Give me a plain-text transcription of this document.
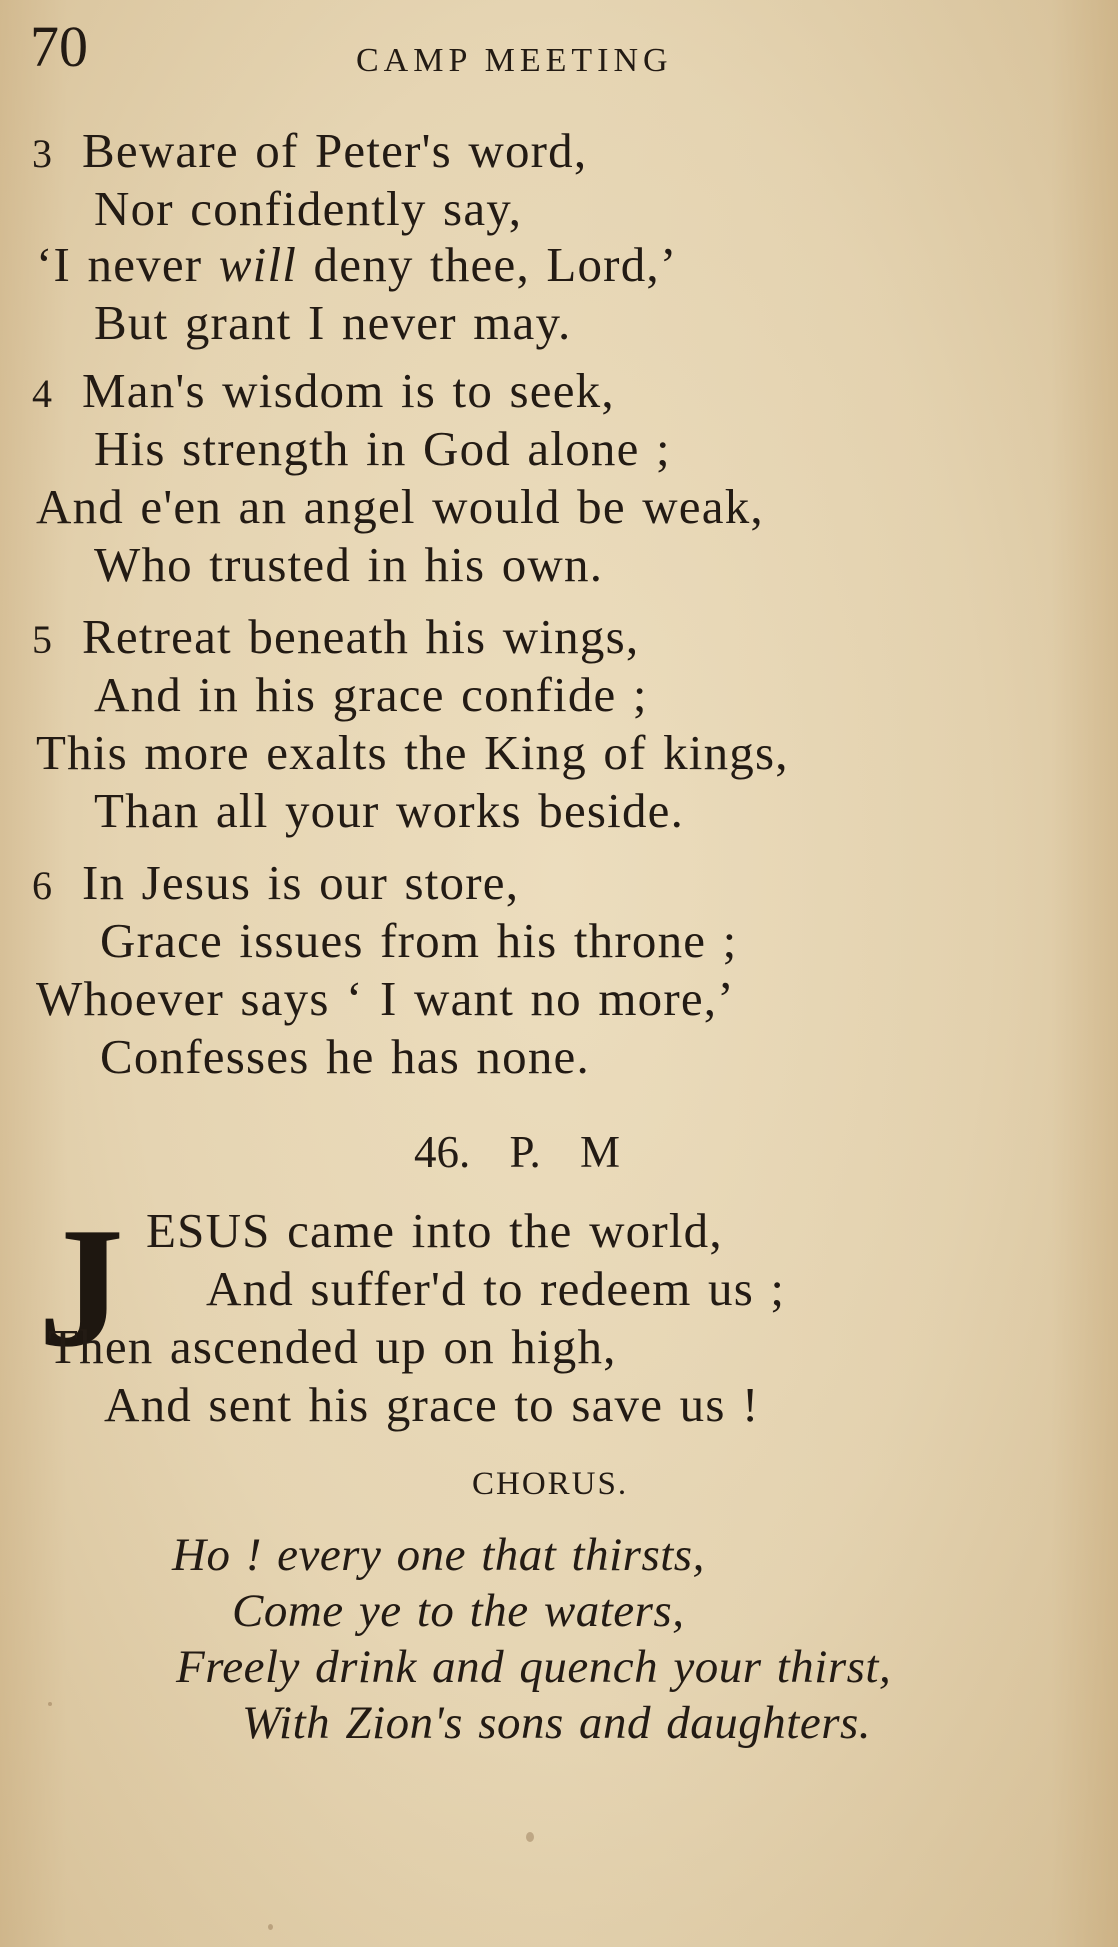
70	CAMP MEETING
3 Beware of Peter's word,
Nor confidently say,
‘I never will deny thee, Lord,’
But grant I never may.
4 Man's wisdom is to seek,
His strength in God alone ;
And e'en an angel would be weak,
Who trusted in his own.
5 Retreat beneath his wings,
And in his grace confide ;
This more exalts the King of kings,
Than all your works beside.
6 In Jesus is our store,
Grace issues from his throne ;
Whoever says ‘ I want no more,’
Confesses he has none.
46. P. M
J ESUS came into the world,
And suffer'd to redeem us ;
Then ascended up on high,
And sent his grace to save us !
CHORUS.
Ho ! every one that thirsts,
Come ye to the waters,
Freely drink and quench your thirst,
With Zion's sons and daughters.
